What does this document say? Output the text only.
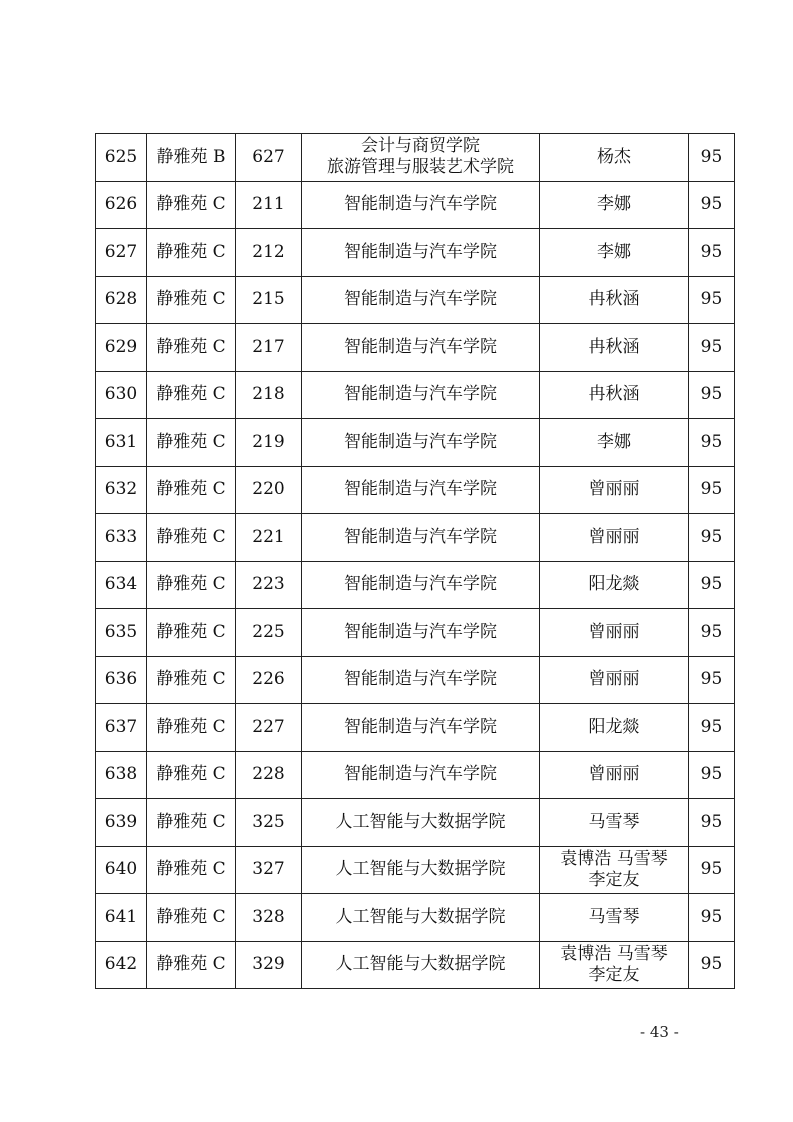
625	静雅苑 B	627	会计与商贸学院
旅游管理与服装艺术学院	杨杰	95
626	静雅苑 C	211	智能制造与汽车学院	李娜	95
627	静雅苑 C	212	智能制造与汽车学院	李娜	95
628	静雅苑 C	215	智能制造与汽车学院	冉秋涵	95
629	静雅苑 C	217	智能制造与汽车学院	冉秋涵	95
630	静雅苑 C	218	智能制造与汽车学院	冉秋涵	95
631	静雅苑 C	219	智能制造与汽车学院	李娜	95
632	静雅苑 C	220	智能制造与汽车学院	曾丽丽	95
633	静雅苑 C	221	智能制造与汽车学院	曾丽丽	95
634	静雅苑 C	223	智能制造与汽车学院	阳龙燚	95
635	静雅苑 C	225	智能制造与汽车学院	曾丽丽	95
636	静雅苑 C	226	智能制造与汽车学院	曾丽丽	95
637	静雅苑 C	227	智能制造与汽车学院	阳龙燚	95
638	静雅苑 C	228	智能制造与汽车学院	曾丽丽	95
639	静雅苑 C	325	人工智能与大数据学院	马雪琴	95
640	静雅苑 C	327	人工智能与大数据学院	袁博浩 马雪琴
李定友	95
641	静雅苑 C	328	人工智能与大数据学院	马雪琴	95
642	静雅苑 C	329	人工智能与大数据学院	袁博浩 马雪琴
李定友	95
- 43 -
